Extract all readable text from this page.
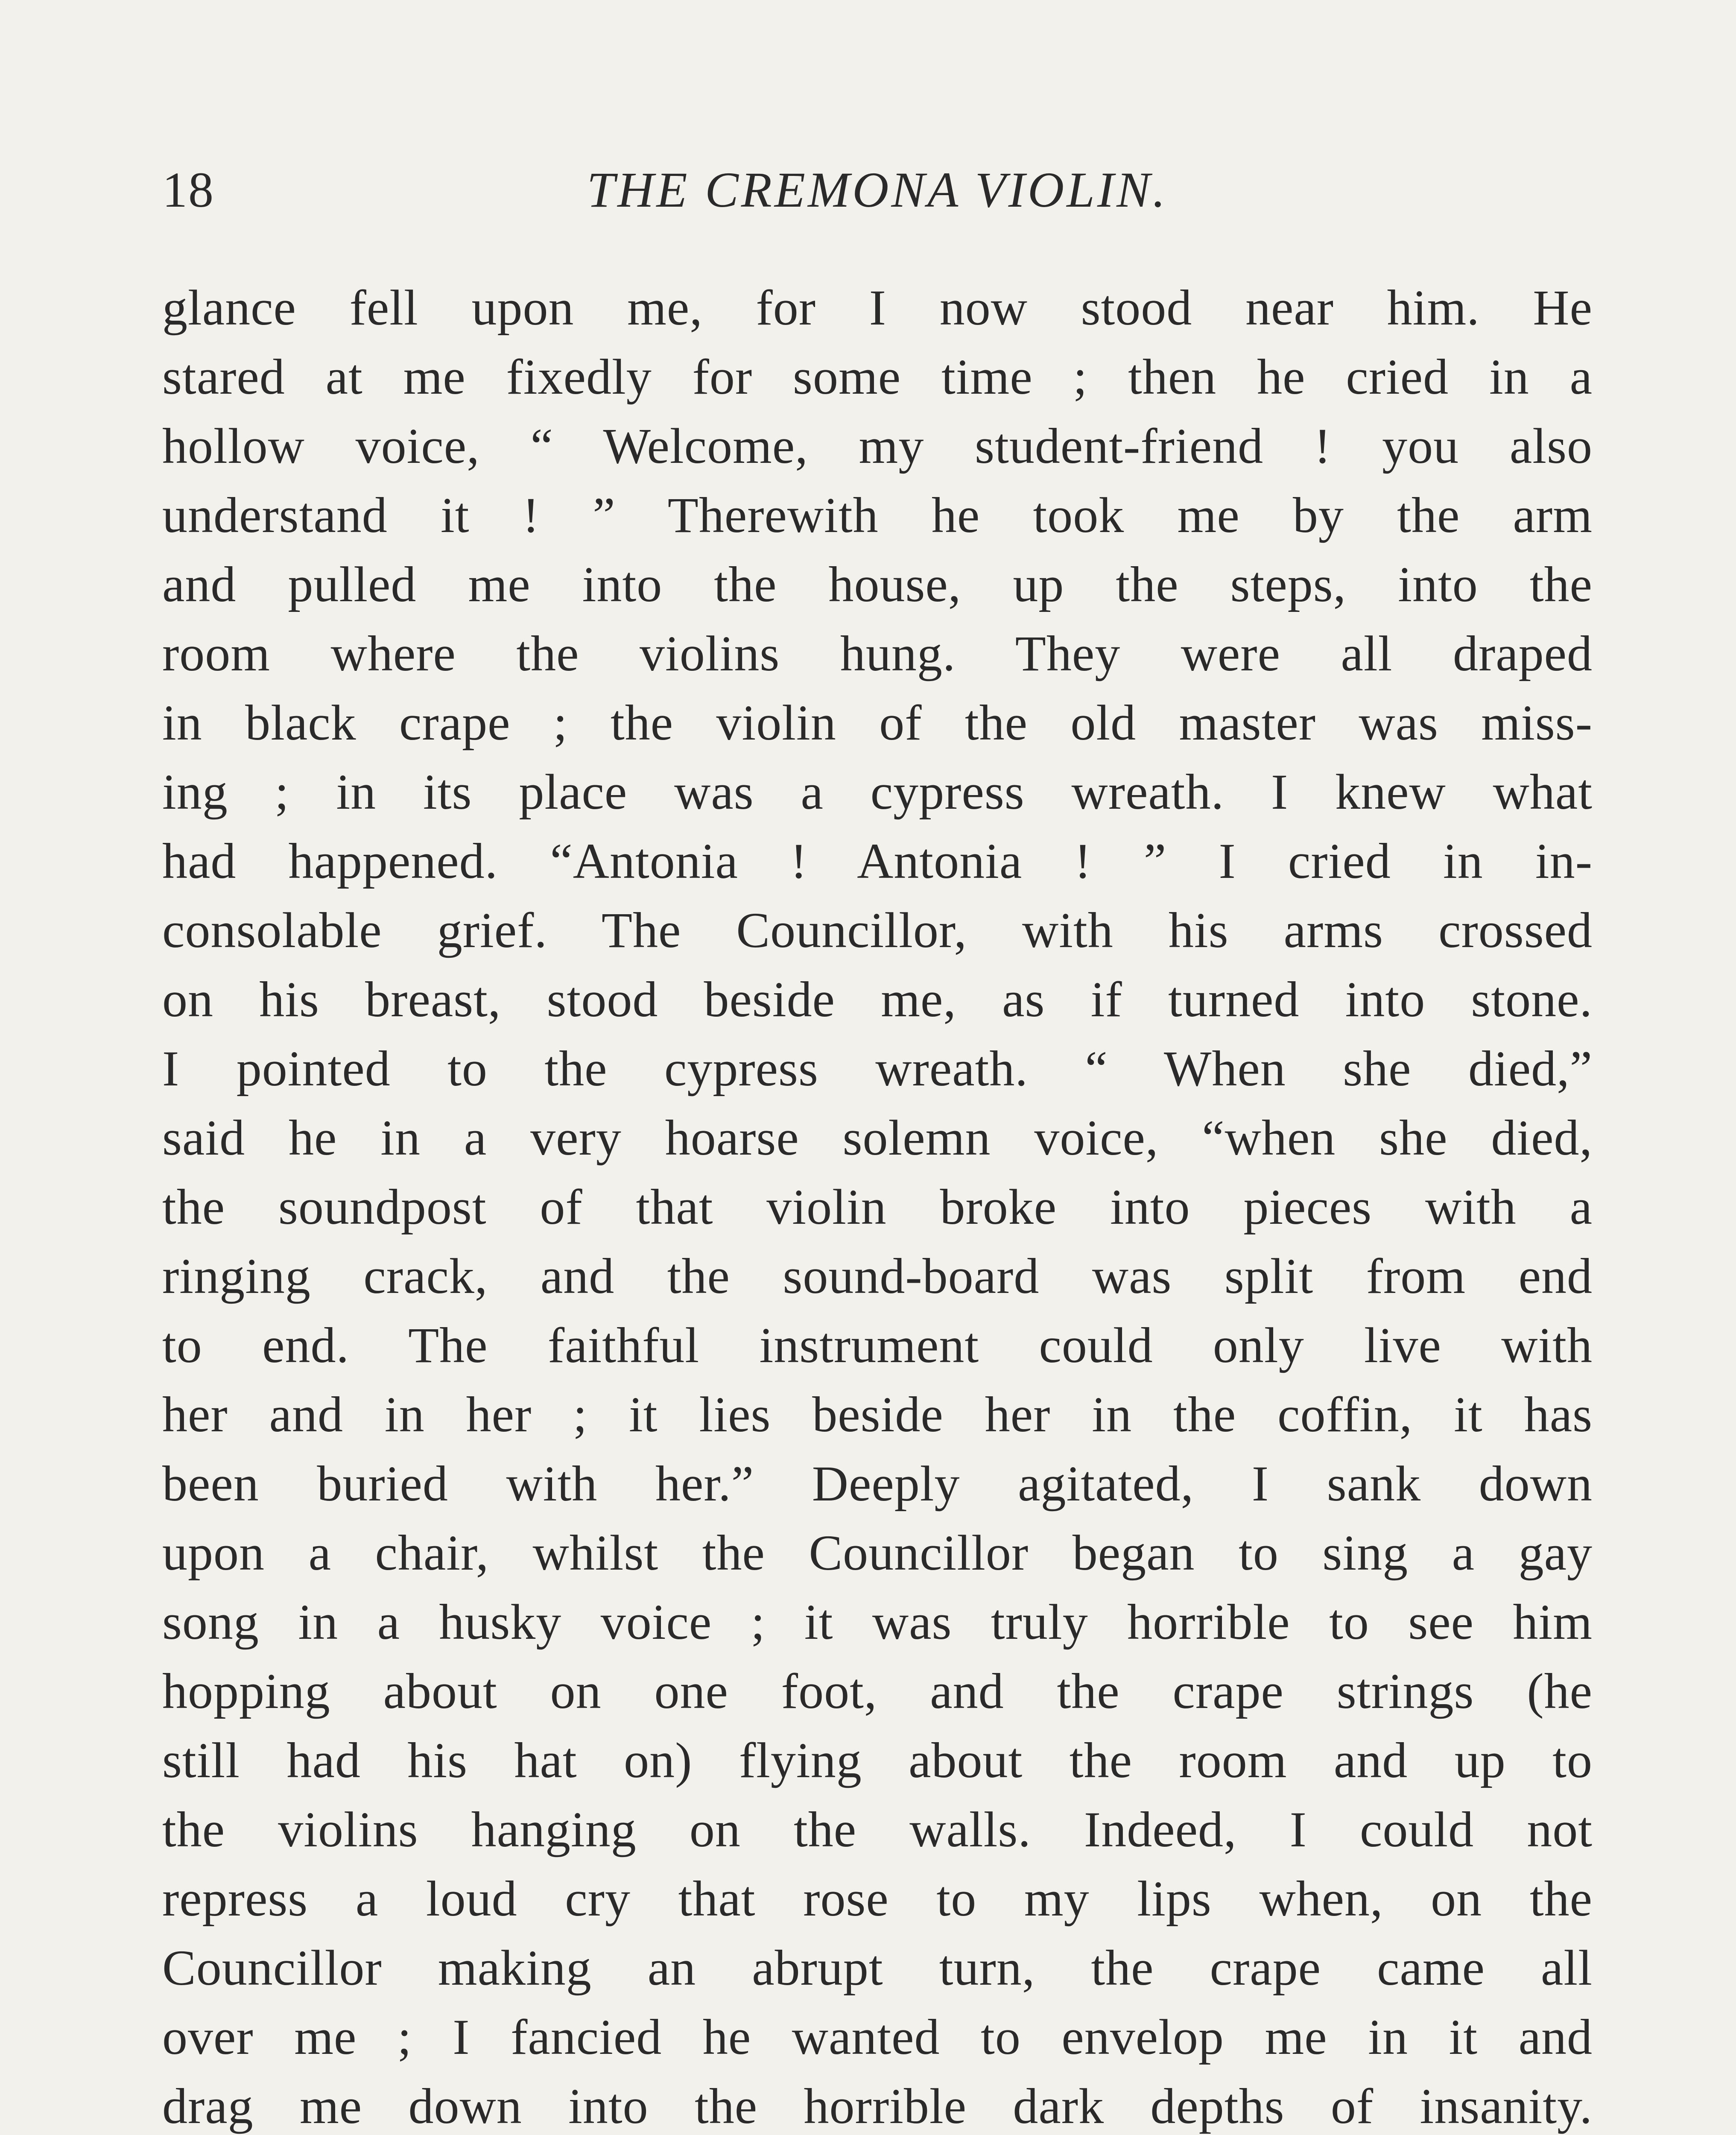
18	THE CREMONA VIOLIN.
glance fell upon me, for I now stood near him. He
stared at me fixedly for some time ; then he cried in a
hollow voice, “ Welcome, my student-friend ! you also
understand it ! ” Therewith he took me by the arm
and pulled me into the house, up the steps, into the
room where the violins hung. They were all draped
in black crape ; the violin of the old master was miss-
ing ; in its place was a cypress wreath. I knew what
had happened. “Antonia ! Antonia ! ” I cried in in-
consolable grief. The Councillor, with his arms crossed
on his breast, stood beside me, as if turned into stone.
I pointed to the cypress wreath. “ When she died,”
said he in a very hoarse solemn voice, “when she died,
the soundpost of that violin broke into pieces with a
ringing crack, and the sound-board was split from end
to end. The faithful instrument could only live with
her and in her ; it lies beside her in the coffin, it has
been buried with her.” Deeply agitated, I sank down
upon a chair, whilst the Councillor began to sing a gay
song in a husky voice ; it was truly horrible to see him
hopping about on one foot, and the crape strings (he
still had his hat on) flying about the room and up to
the violins hanging on the walls. Indeed, I could not
repress a loud cry that rose to my lips when, on the
Councillor making an abrupt turn, the crape came all
over me ; I fancied he wanted to envelop me in it and
drag me down into the horrible dark depths of insanity.
